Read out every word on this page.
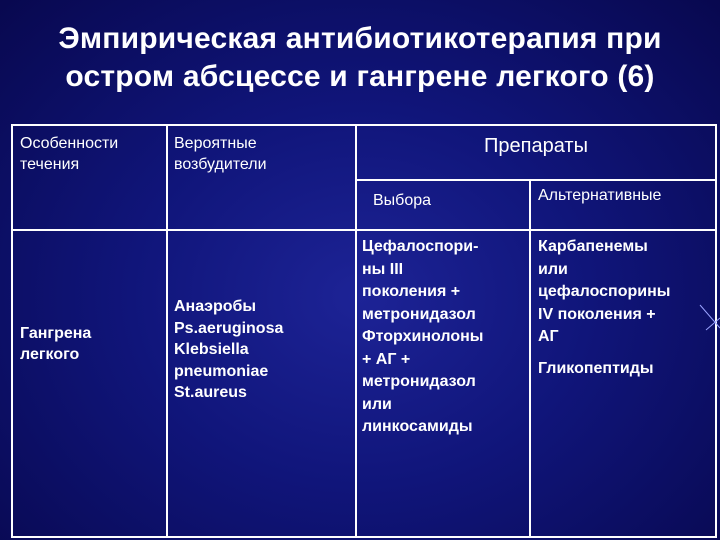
Эмпирическая антибиотикотерапия при
остром абсцессе и гангрене легкого (6)
Особенности
течения
Вероятные
возбудители
Препараты
Выбора	Альтернативные
Гангрена
легкого
Анаэробы
Ps.aeruginosa
Klebsiella
pneumoniae
St.aureus
Цефалоспори-
ны III
поколения +
метронидазол
Фторхинолоны
+ АГ +
метронидазол
или
линкосамиды
Карбапенемы
или
цефалоспорины
IV поколения +
АГ
Гликопептиды
